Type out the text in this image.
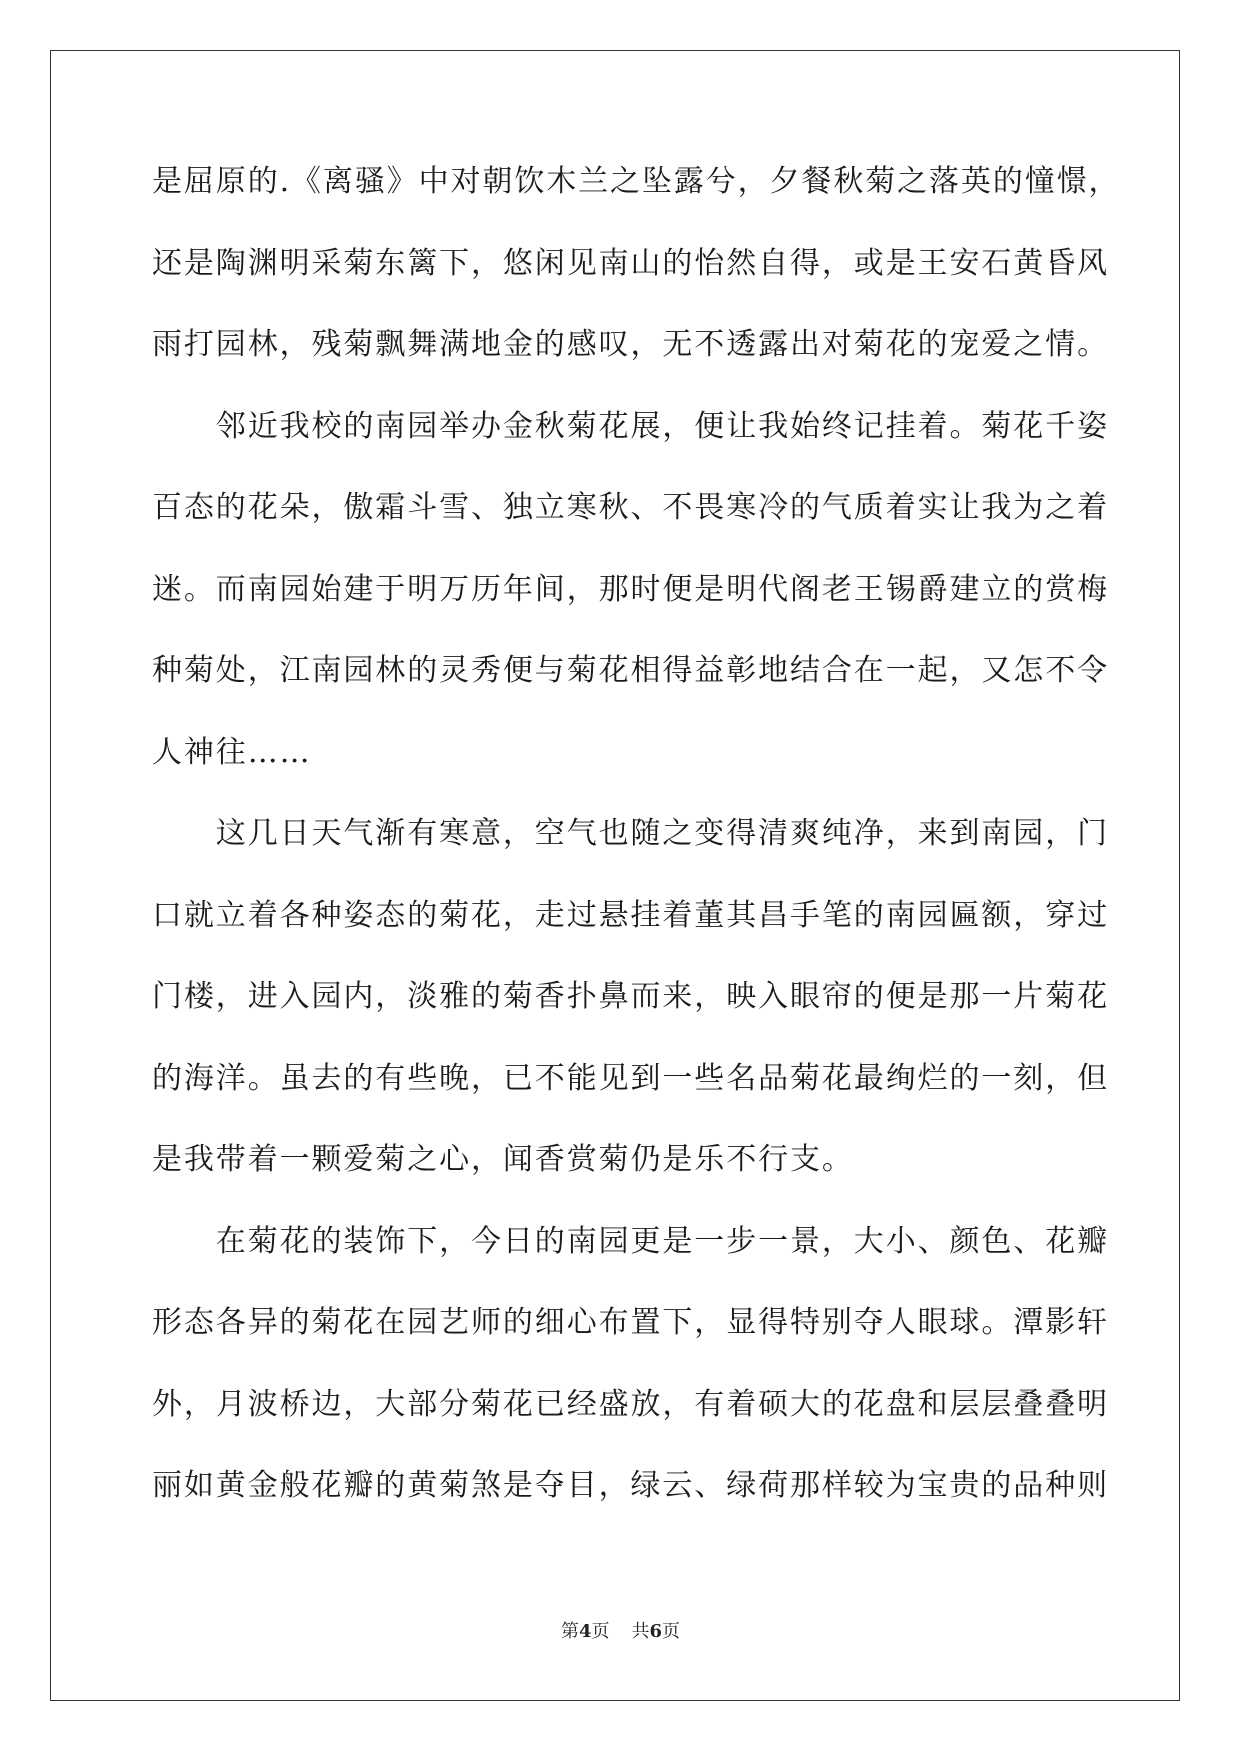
是屈原的.《离骚》中对朝饮木兰之坠露兮，夕餐秋菊之落英的憧憬，
还是陶渊明采菊东篱下，悠闲见南山的怡然自得，或是王安石黄昏风
雨打园林，残菊飘舞满地金的感叹，无不透露出对菊花的宠爱之情。
　　邻近我校的南园举办金秋菊花展，便让我始终记挂着。菊花千姿
百态的花朵，傲霜斗雪、独立寒秋、不畏寒冷的气质着实让我为之着
迷。而南园始建于明万历年间，那时便是明代阁老王锡爵建立的赏梅
种菊处，江南园林的灵秀便与菊花相得益彰地结合在一起，又怎不令
人神往……
　　这几日天气渐有寒意，空气也随之变得清爽纯净，来到南园，门
口就立着各种姿态的菊花，走过悬挂着董其昌手笔的南园匾额，穿过
门楼，进入园内，淡雅的菊香扑鼻而来，映入眼帘的便是那一片菊花
的海洋。虽去的有些晚，已不能见到一些名品菊花最绚烂的一刻，但
是我带着一颗爱菊之心，闻香赏菊仍是乐不行支。
　　在菊花的装饰下，今日的南园更是一步一景，大小、颜色、花瓣
形态各异的菊花在园艺师的细心布置下，显得特别夺人眼球。潭影轩
外，月波桥边，大部分菊花已经盛放，有着硕大的花盘和层层叠叠明
丽如黄金般花瓣的黄菊煞是夺目，绿云、绿荷那样较为宝贵的品种则
第4页 共6页
